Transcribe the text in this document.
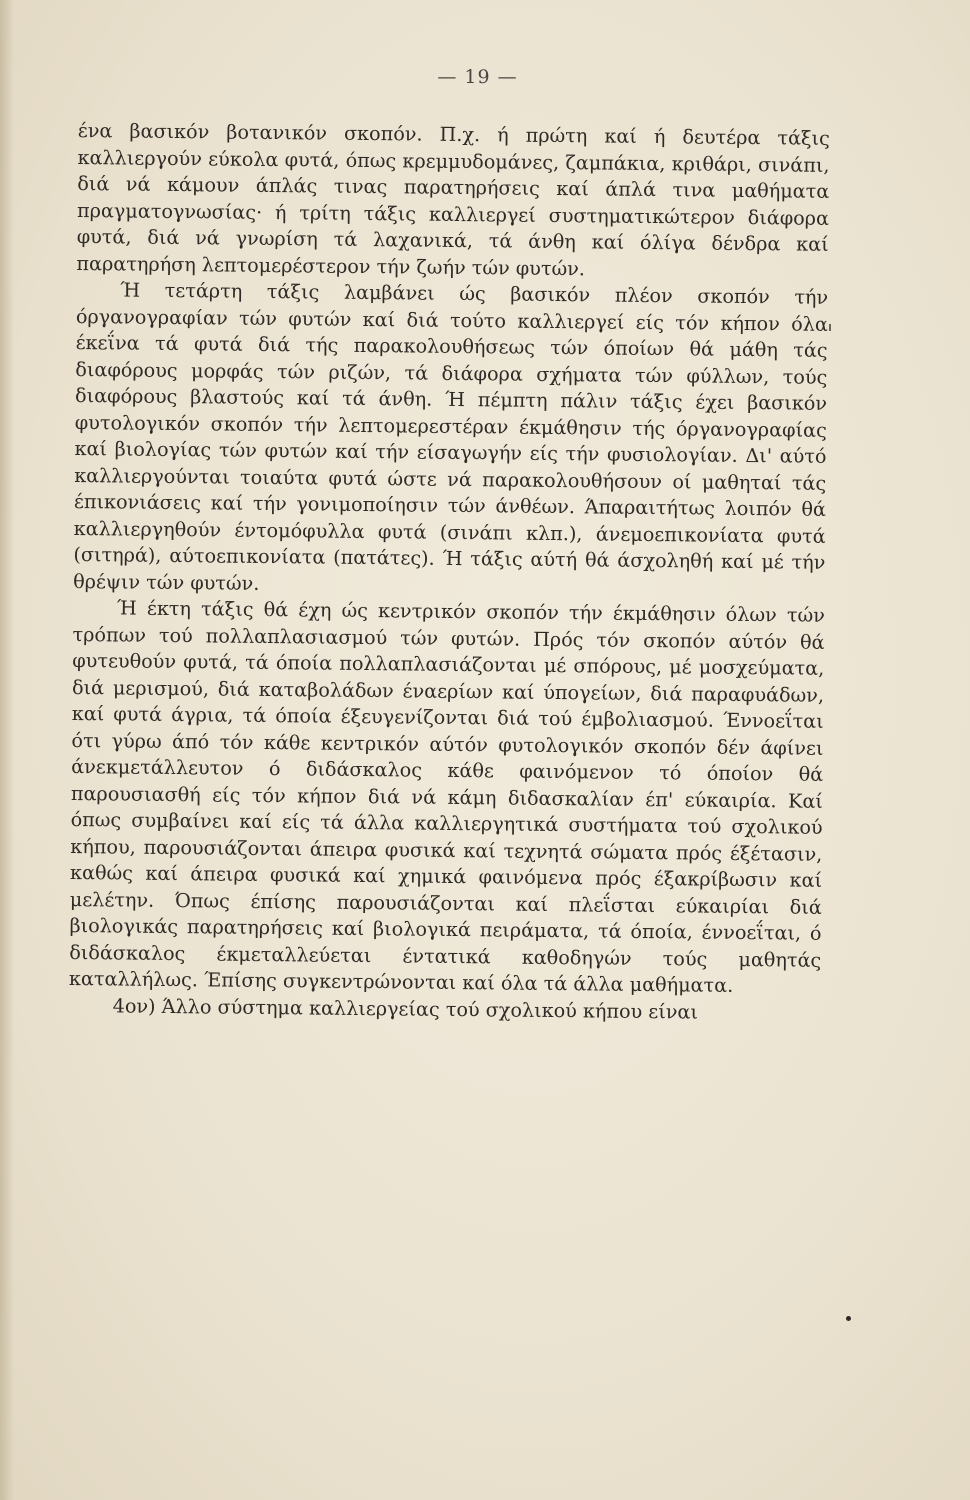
— 19 —

ένα βασικόν βοτανικόν σκοπόν. Π.χ. ή πρώτη καί ή δευτέρα τάξις καλλιεργούν εύκολα φυτά, όπως κρεμμυδομάνες, ζαμπάκια, κριθάρι, σινάπι, διά νά κάμουν άπλάς τινας παρατηρήσεις καί άπλά τινα μαθήματα πραγματογνωσίας· ή τρίτη τάξις καλλιεργεί συστηματικώτερον διάφορα φυτά, διά νά γνωρίση τά λαχανικά, τά άνθη καί όλίγα δένδρα καί παρατηρήση λεπτομερέστερον τήν ζωήν τών φυτών.

Ή τετάρτη τάξις λαμβάνει ώς βασικόν πλέον σκοπόν τήν όργανογραφίαν τών φυτών καί διά τούτο καλλιεργεί είς τόν κήπον όλα έκεΐνα τά φυτά διά τής παρακολουθήσεως τών όποίων θά μάθη τάς διαφόρους μορφάς τών ριζών, τά διάφορα σχήματα τών φύλλων, τούς διαφόρους βλαστούς καί τά άνθη. Ή πέμπτη πάλιν τάξις έχει βασικόν φυτολογικόν σκοπόν τήν λεπτομερεστέραν έκμάθησιν τής όργανογραφίας καί βιολογίας τών φυτών καί τήν είσαγωγήν είς τήν φυσιολογίαν. Δι' αύτό καλλιεργούνται τοιαύτα φυτά ώστε νά παρακολουθήσουν οί μαθηταί τάς έπικονιάσεις καί τήν γονιμοποίησιν τών άνθέων. Άπαραιτήτως λοιπόν θά καλλιεργηθούν έντομόφυλλα φυτά (σινάπι κλπ.), άνεμοεπικονίατα φυτά (σιτηρά), αύτοεπικονίατα (πατάτες). Ή τάξις αύτή θά άσχοληθή καί μέ τήν θρέψιν τών φυτών.

Ή έκτη τάξις θά έχη ώς κεντρικόν σκοπόν τήν έκμάθησιν όλων τών τρόπων τού πολλαπλασιασμού τών φυτών. Πρός τόν σκοπόν αύτόν θά φυτευθούν φυτά, τά όποία πολλαπλασιάζονται μέ σπόρους, μέ μοσχεύματα, διά μερισμού, διά καταβολάδων έναερίων καί ύπογείων, διά παραφυάδων, καί φυτά άγρια, τά όποία έξευγενίζονται διά τού έμβολιασμού. Έννοεΐται ότι γύρω άπό τόν κάθε κεντρικόν αύτόν φυτολογικόν σκοπόν δέν άφίνει άνεκμετάλλευτον ό διδάσκαλος κάθε φαινόμενον τό όποίον θά παρουσιασθή είς τόν κήπον διά νά κάμη διδασκαλίαν έπ' εύκαιρία. Καί όπως συμβαίνει καί είς τά άλλα καλλιεργητικά συστήματα τού σχολικού κήπου, παρουσιάζονται άπειρα φυσικά καί τεχνητά σώματα πρός έξέτασιν, καθώς καί άπειρα φυσικά καί χημικά φαινόμενα πρός έξακρίβωσιν καί μελέτην. Όπως έπίσης παρουσιάζονται καί πλεΐσται εύκαιρίαι διά βιολογικάς παρατηρήσεις καί βιολογικά πειράματα, τά όποία, έννοεΐται, ό διδάσκαλος έκμεταλλεύεται έντατικά καθοδηγών τούς μαθητάς καταλλήλως. Έπίσης συγκεντρώνονται καί όλα τά άλλα μαθήματα.

4ον) Άλλο σύστημα καλλιεργείας τού σχολικού κήπου είναι
